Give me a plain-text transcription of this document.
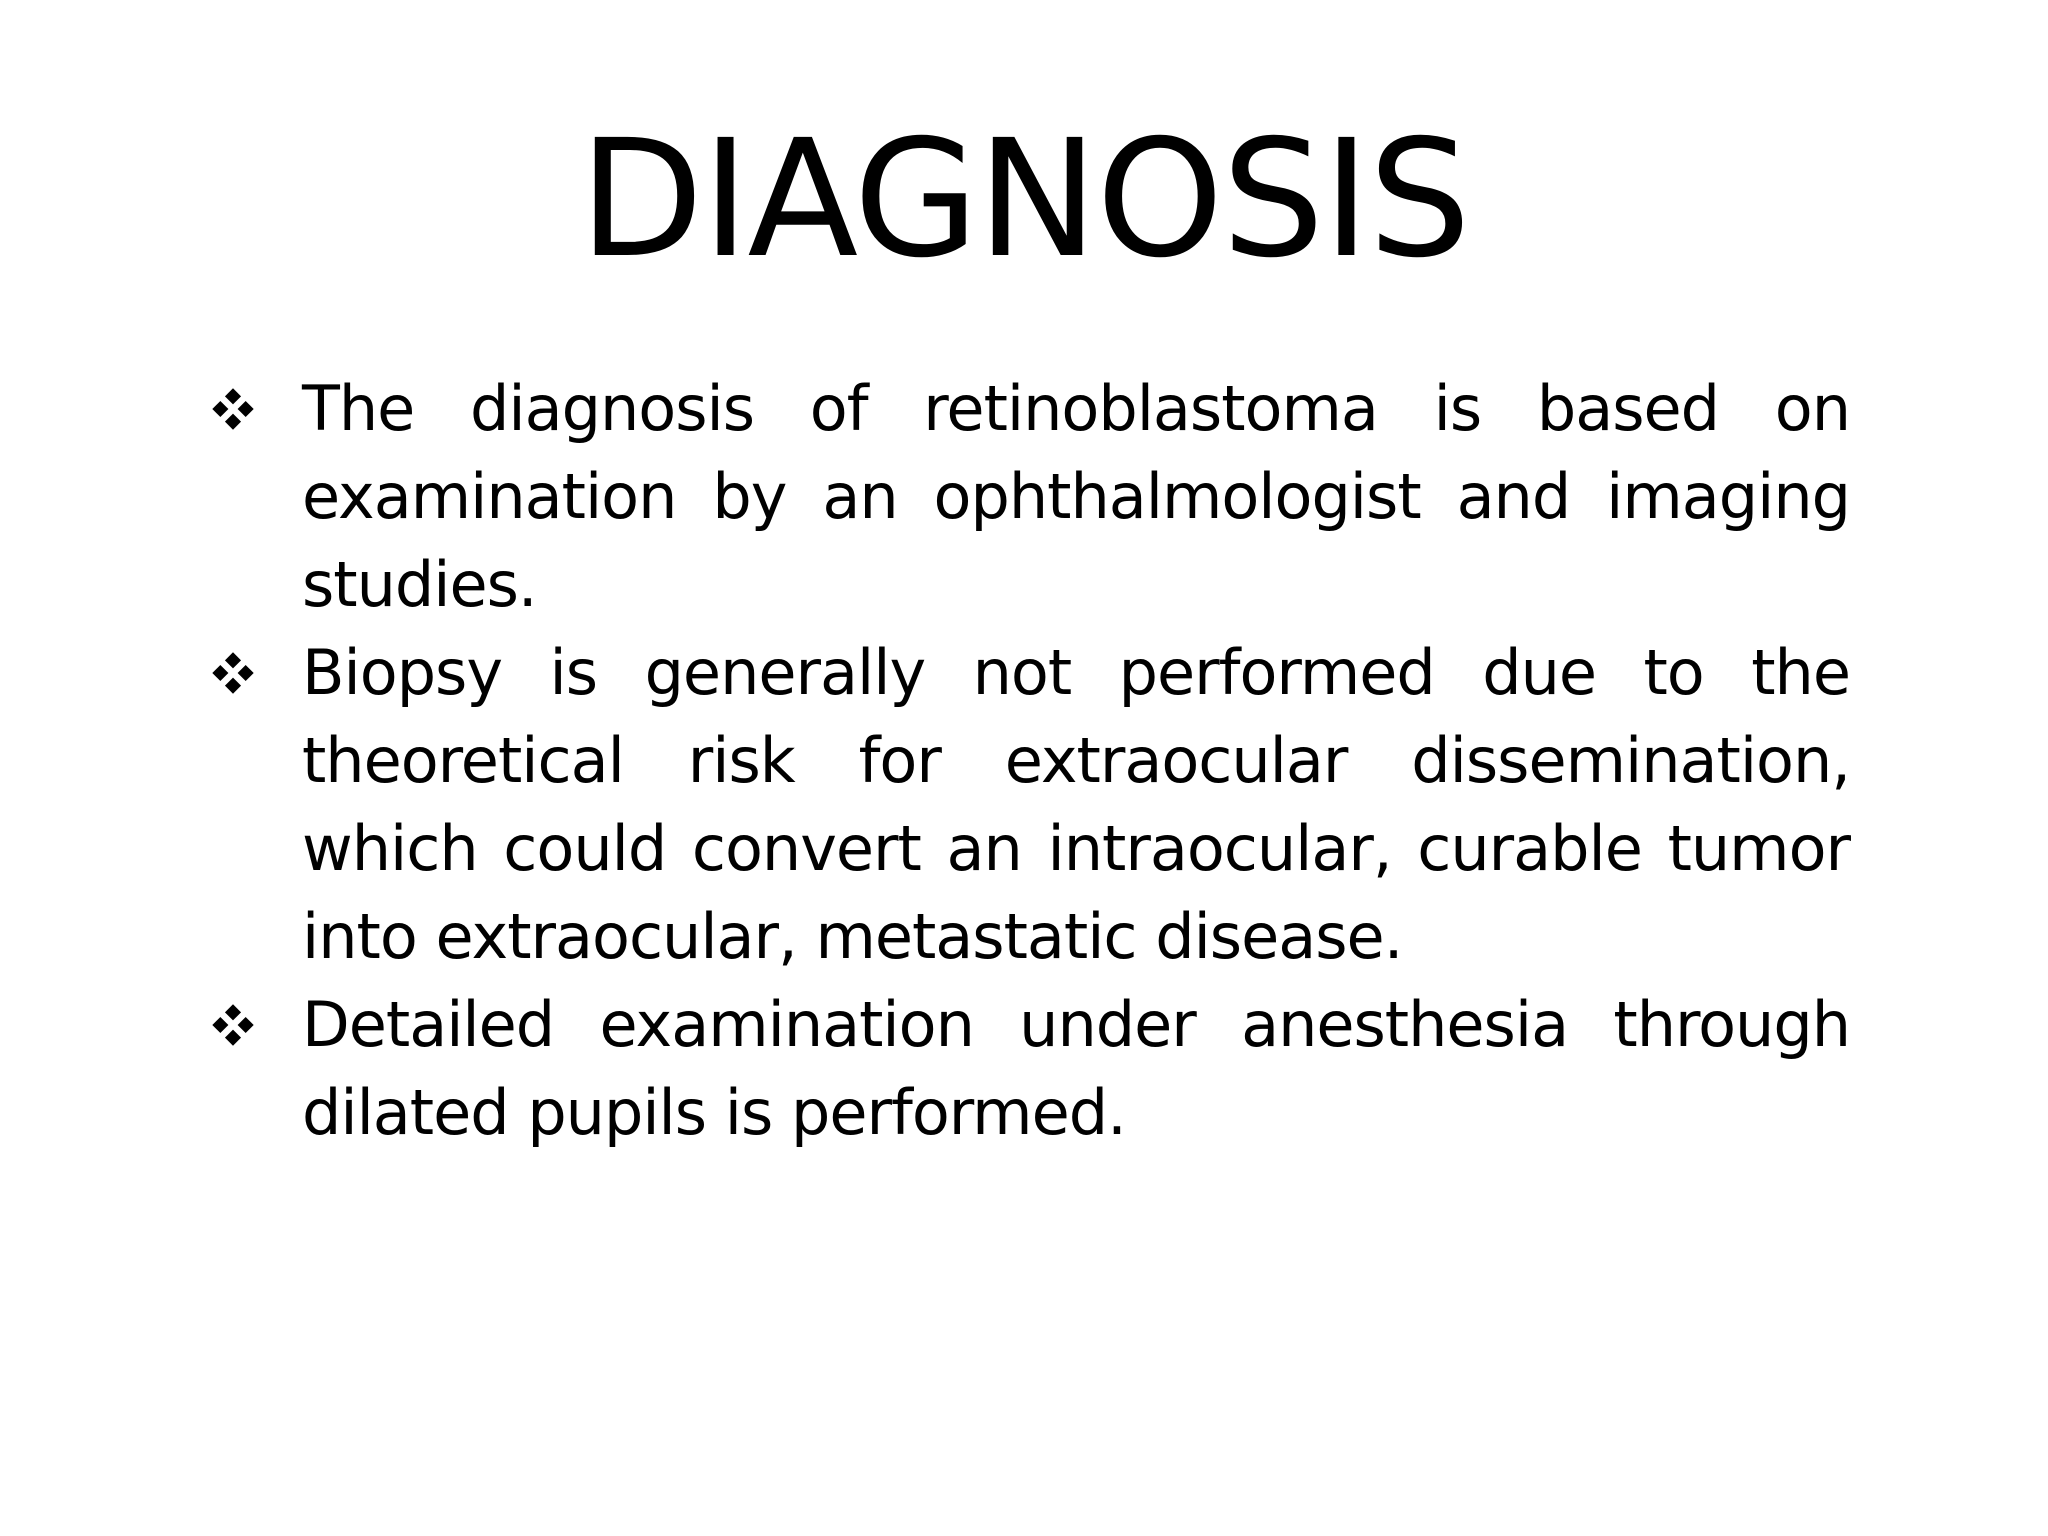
DIAGNOSIS
The diagnosis of retinoblastoma is based on examination by an ophthalmologist and imaging studies.
Biopsy is generally not performed due to the theoretical risk for extraocular dissemination, which could convert an intraocular, curable tumor into extraocular, metastatic disease.
Detailed examination under anesthesia through dilated pupils is performed.
